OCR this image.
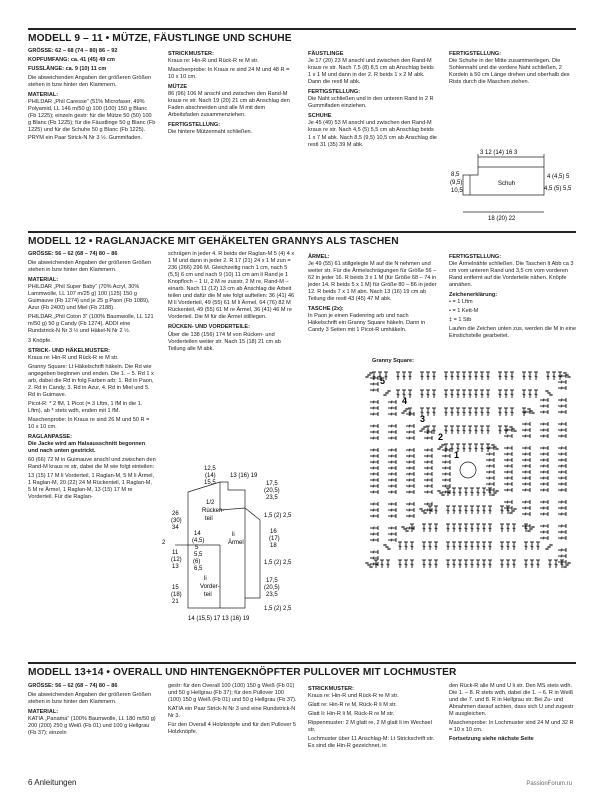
MODELL 9 – 11 • MÜTZE, FÄUSTLINGE UND SCHUHE

GRÖSSE: 62 – 68 (74 – 80) 86 – 92

KOPFUMFANG: ca. 41 (45) 49 cm

FUSSLÄNGE: ca. 9 (10) 11 cm

Die abweichenden Angaben der größeren Größen stehen in bzw hinter den Klammern.

MATERIAL:

PHILDAR „Phil Caresse“ (51% Microfaser, 49% Polyamid, LL 146 m/50 g) 100 (100) 150 g Blanc (Fb 1225); einzeln gestr: für die Mütze 50 (50) 100 g Blanc (Fb 1225); für die Fäustlinge 50 g Blanc (Fb 1225) und für die Schuhe 50 g Blanc (Fb 1225). PRYM ein Paar Strick-N Nr 3 ½. Gummifaden.

STRICKMUSTER:

Kraus re: Hin-R und Rück-R re M str.

Maschenprobe: In Kraus re sind 24 M und 48 R = 10 x 10 cm.

MÜTZE

86 (96) 106 M anschl und zwischen den Rand-M kraus re str. Nach 19 (20) 21 cm ab Anschlag den Faden abschneiden und alle M mit dem Arbeitsfaden zusammenziehen.

FERTIGSTELLUNG:

Die hintere Mützennaht schließen.

FÄUSTLINGE

Je 17 (20) 23 M anschl und zwischen den Rand-M kraus re str. Nach 7,5 (8) 8,5 cm ab Anschlag beids 1 x 1 M und dann in der 2. R beids 1 x 2 M abk. Dann die restl M abk.

FERTIGSTELLUNG:

Die Naht schließen und in den unteren Rand in 2 R Gummifaden einziehen.

SCHUHE

Je 45 (49) 53 M anschl und zwischen den Rand-M kraus re str. Nach 4,5 (5) 5,5 cm ab Anschlag beids 1 x 7 M abk. Nach 8,5 (9,5) 10,5 cm ab Anschlag die restl 31 (35) 39 M abk.

FERTIGSTELLUNG:

Die Schuhe in der Mitte zusammenlegen. Die Sohlennaht und die vordere Naht schließen, 2 Kordeln à 50 cm Länge drehen und oberhalb des Rists durch die Maschen ziehen.

3 12 (14) 16 3
8,5
(9,5)
10,5
Schuh
4 (4,5) 5
4,5 (5) 5,5
18 (20) 22
MODELL 12 • RAGLANJACKE MIT GEHÄKELTEN GRANNYS ALS TASCHEN

GRÖSSE: 56 – 62 (68 – 74) 80 – 86

Die abweichenden Angaben der größeren Größen stehen in bzw hinter den Klammern.

MATERIAL:

PHILDAR „Phil Super Baby“ (70% Acryl, 30% Lammwolle, LL 107 m/25 g) 100 (125) 150 g Guimauve (Fb 1274) und je 25 g Paon (Fb 1089), Azur (Fb 2400) und Miel (Fb 2188).

PHILDAR „Phil Coton 3“ (100% Baumwolle, LL 121 m/50 g) 50 g Candy (Fb 1274). ADDI eine Rundstrick-N Nr 3 ½ und Häkel-N Nr 2 ½.

3 Knöpfe.

STRICK- UND HÄKELMUSTER:

Kraus re: Hin-R und Rück-R re M str.

Granny Square: Lt Häkelschrift häkeln. Die Rd wie angegeben beginnen und enden. Die 1. – 5. Rd 1 x arb, dabei die Rd in folg Farben arb: 1. Rd in Paon, 2. Rd in Candy, 3. Rd in Azur, 4. Rd in Miel und 5. Rd in Guimave.

Picot-R: * 2 fM, 1 Picot (= 3 Lftm, 1 fM in die 1. Lftm), ab * stets wdh, enden mit 1 fM.

Maschenprobe: In Kraus re sind 26 M und 50 R = 10 x 10 cm.

RAGLANPASSE:

Die Jacke wird am Halsausschnitt begonnen und nach unten gestrickt.

60 (66) 72 M in Guimauve anschl und zwischen den Rand-M kraus re str, dabei die M wie folgt einteilen:

13 (15) 17 M li Vorderteil, 1 Raglan-M, 5 M li Ärmel, 1 Raglan-M, 20 (22) 24 M Rückenteil, 1 Raglan-M, 5 M re Ärmel, 1 Raglan-M, 13 (15) 17 M re Vorderteil. Für die Raglan-

schrägen in jeder 4. R beids der Raglan-M 5 (4) 4 x 1 M und dann in jeder 2. R 17 (21) 24 x 1 M zun = 236 (266) 296 M. Gleichzeitig nach 1 cm, nach 5 (5,5) 6 cm und nach 9 (10) 11 cm am li Rand je 1 Knopfloch – 1 U, 2 M re zusstr, 2 M re, Rand-M – einarb. Nach 11 (12) 13 cm ab Anschlag die Arbeit teilen und dafür die M wie folgt aufteilen: 36 (41) 46 M li Vorderteil, 49 (55) 61 M li Ärmel, 64 (76) 82 M Rückenteil, 49 (55) 61 M re Ärmel, 36 (41) 46 M re Vorderteil. Die M für die Ärmel stilllegen.

RÜCKEN- UND VORDERTEILE:

Über die 138 (156) 174 M von Rücken- und Vorderteilen weiter str. Nach 15 (18) 21 cm ab Teilung alle M abk.

ÄRMEL:

Je 49 (55) 61 stillgelegte M auf die N nehmen und weiter str. Für die Ärmelschrägungen für Größe 56 – 62 in jeder 16. R beids 3 x 1 M (für Größe 68 – 74 in jeder 14. R beids 5 x 1 M) für Größe 80 – 86 in jeder 12. R beids 7 x 1 M abn. Nach 13 (16) 19 cm ab Teilung die restl 43 (45) 47 M abk.

TASCHE (2x):

In Paon je einen Fadenring arb und nach Häkelschrift ein Granny Square häkeln. Dann in Candy 3 Seiten mit 1 Picot-R umhäkeln.

FERTIGSTELLUNG:

Die Ärmelnähte schließen. Die Taschen lt Abb ca 3 cm vom unteren Rand und 3,5 cm vom vorderen Rand entfernt auf die Vorderteile nähen. Knöpfe annähen.

Zeichenerklärung:

• = 1 Lftm

• = 1 Kett-M

‡ = 1 Stb

Laufen die Zeichen unten zus, werden die M in eine Einstichstelle gearbeitet.

Granny Square:
5
4
3
2
1
12,5
(14)
15,5
13 (16) 19
1/2
Rücken-
teil
26
(30)
34
14
(4,5)
5
2
11
(12)
13
5,5
(6)
6,5
15
(18)
21
li
Vorder-
teil
li
Ärmel
17,5
(20,5)
23,5
1,5 (2) 2,5
16
(17)
18
1,5 (2) 2,5
17,5
(20,5)
23,5
1,5 (2) 2,5
14 (15,5) 17 13 (16) 19
MODELL 13+14 • OVERALL UND HINTENGEKNÖPFTER PULLOVER MIT LOCHMUSTER

GRÖSSE: 56 – 62 (68 – 74) 80 – 86

Die abweichenden Angaben der größeren Größen stehen in bzw hinter den Klammern.

MATERIAL:

KATIA „Panama“ (100% Baumwolle, LL 180 m/50 g) 200 (200) 250 g Weiß (Fb 01) und 100 g Hellgrau (Fb 37); einzeln

gestr: für den Overall 100 (100) 150 g Weiß (Fb 01) und 50 g Hellgrau (Fb 37); für den Pullover 100 (100) 150 g Weiß (Fb 01) und 50 g Hellgrau (Fb 37).

KATIA ein Paar Strick-N Nr 3 und eine Rundstrick-N Nr 3.

Für den Overall 4 Holzknöpfe und für den Pullover 5 Holzknöpfe.

STRICKMUSTER:

Kraus re: Hin-R und Rück-R re M str.

Glatt re: Hin-R re M, Rück-R li M str.

Glatt li: Hin-R li M, Rück-R re M str.

Rippenmuster: 2 M glatt re, 2 M glatt li im Wechsel str.

Lochmuster über 11 Anschlag-M: Lt Strickschrift str. Es sind die Hin-R gezeichnet, in

den Rück-R alle M und U li str. Den MS stets wdh. Die 1. – 8. R stets wdh, dabei die 1. – 6. R in Weiß und die 7. und 8. R in Hellgrau str. Bei Zu- und Abnahmen darauf achten, dass sich U und zugestr M ausgleichen.

Maschenprobe: In Lochmuster sind 24 M und 32 R = 10 x 10 cm.

Fortsetzung siehe nächste Seite

6 Anleitungen	PassionForum.ru
